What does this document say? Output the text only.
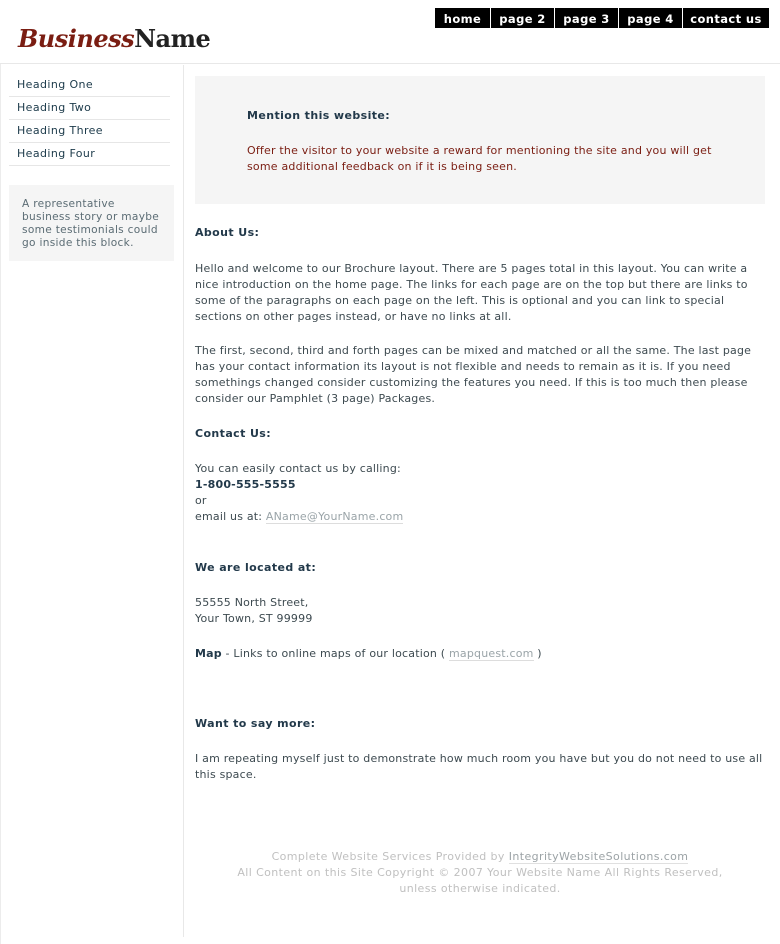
BusinessName
home	page 2	page 3	page 4	contact us
Heading One
Heading Two
Heading Three
Heading Four
A representative business story or maybe some testimonials could go inside this block.
Mention this website:
Offer the visitor to your website a reward for mentioning the site and you will get some additional feedback on if it is being seen.
About Us:
Hello and welcome to our Brochure layout. There are 5 pages total in this layout. You can write a nice introduction on the home page. The links for each page are on the top but there are links to some of the paragraphs on each page on the left. This is optional and you can link to special sections on other pages instead, or have no links at all.
The first, second, third and forth pages can be mixed and matched or all the same. The last page has your contact information its layout is not flexible and needs to remain as it is. If you need somethings changed consider customizing the features you need. If this is too much then please consider our Pamphlet (3 page) Packages.
Contact Us:
You can easily contact us by calling:
1-800-555-5555
or
email us at: AName@YourName.com
We are located at:
55555 North Street,
Your Town, ST 99999
Map - Links to online maps of our location ( mapquest.com )
Want to say more:
I am repeating myself just to demonstrate how much room you have but you do not need to use all this space.
Complete Website Services Provided by IntegrityWebsiteSolutions.com
All Content on this Site Copyright © 2007 Your Website Name All Rights Reserved,
unless otherwise indicated.
